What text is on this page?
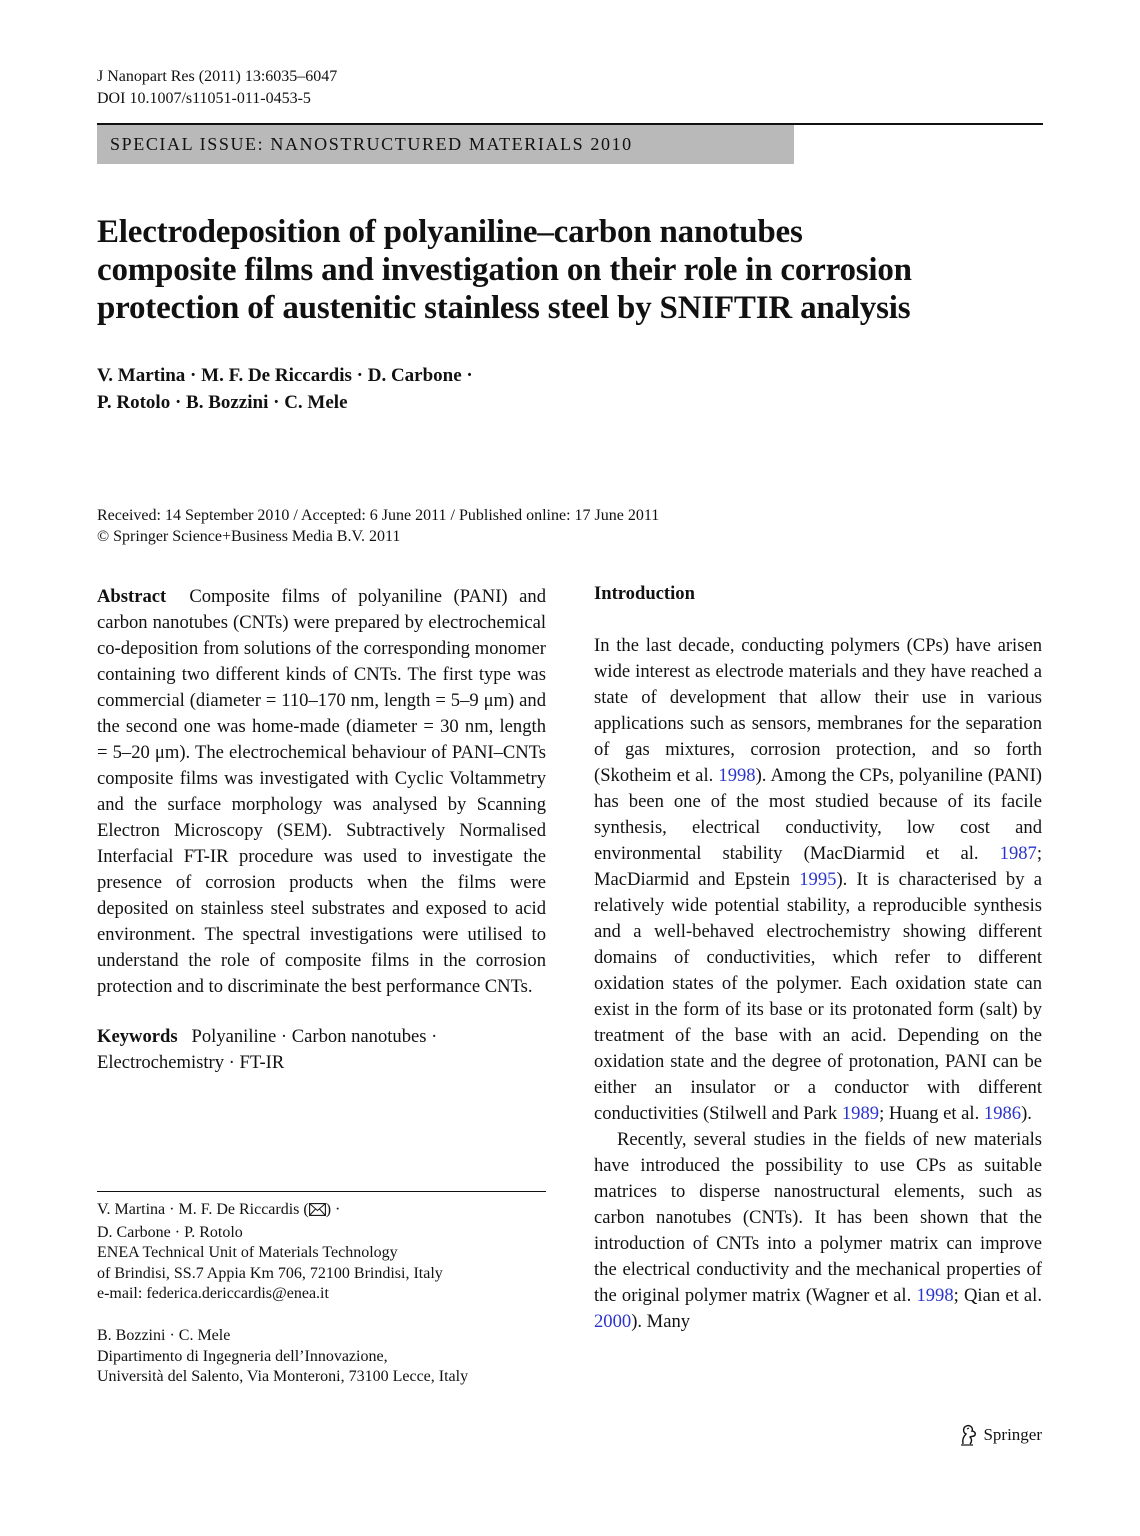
J Nanopart Res (2011) 13:6035–6047
DOI 10.1007/s11051-011-0453-5
SPECIAL ISSUE: NANOSTRUCTURED MATERIALS 2010
Electrodeposition of polyaniline–carbon nanotubes
composite films and investigation on their role in corrosion
protection of austenitic stainless steel by SNIFTIR analysis
V. Martina · M. F. De Riccardis · D. Carbone ·
P. Rotolo · B. Bozzini · C. Mele
Received: 14 September 2010 / Accepted: 6 June 2011 / Published online: 17 June 2011
© Springer Science+Business Media B.V. 2011

Abstract Composite films of polyaniline (PANI) and carbon nanotubes (CNTs) were prepared by electrochemical co-deposition from solutions of the corresponding monomer containing two different kinds of CNTs. The first type was commercial (diameter = 110–170 nm, length = 5–9 μm) and the second one was home-made (diameter = 30 nm, length = 5–20 μm). The electrochemical behaviour of PANI–CNTs composite films was investigated with Cyclic Voltammetry and the surface morphology was analysed by Scanning Electron Microscopy (SEM). Subtractively Normalised Interfacial FT-IR procedure was used to investigate the presence of corrosion products when the films were deposited on stainless steel substrates and exposed to acid environment. The spectral investigations were utilised to understand the role of composite films in the corrosion protection and to discriminate the best performance CNTs.

Keywords Polyaniline · Carbon nanotubes · Electrochemistry · FT-IR

V. Martina · M. F. De Riccardis ( ) ·
D. Carbone · P. Rotolo
ENEA Technical Unit of Materials Technology
of Brindisi, SS.7 Appia Km 706, 72100 Brindisi, Italy
e-mail: federica.dericcardis@enea.it
B. Bozzini · C. Mele
Dipartimento di Ingegneria dell’Innovazione,
Università del Salento, Via Monteroni, 73100 Lecce, Italy

Introduction

In the last decade, conducting polymers (CPs) have arisen wide interest as electrode materials and they have reached a state of development that allow their use in various applications such as sensors, membranes for the separation of gas mixtures, corrosion protection, and so forth (Skotheim et al. 1998). Among the CPs, polyaniline (PANI) has been one of the most studied because of its facile synthesis, electrical conductivity, low cost and environmental stability (MacDiarmid et al. 1987; MacDiarmid and Epstein 1995). It is characterised by a relatively wide potential stability, a reproducible synthesis and a well-behaved electrochemistry showing different domains of conductivities, which refer to different oxidation states of the polymer. Each oxidation state can exist in the form of its base or its protonated form (salt) by treatment of the base with an acid. Depending on the oxidation state and the degree of protonation, PANI can be either an insulator or a conductor with different conductivities (Stilwell and Park 1989; Huang et al. 1986).

Recently, several studies in the fields of new materials have introduced the possibility to use CPs as suitable matrices to disperse nanostructural elements, such as carbon nanotubes (CNTs). It has been shown that the introduction of CNTs into a polymer matrix can improve the electrical conductivity and the mechanical properties of the original polymer matrix (Wagner et al. 1998; Qian et al. 2000). Many

Springer
